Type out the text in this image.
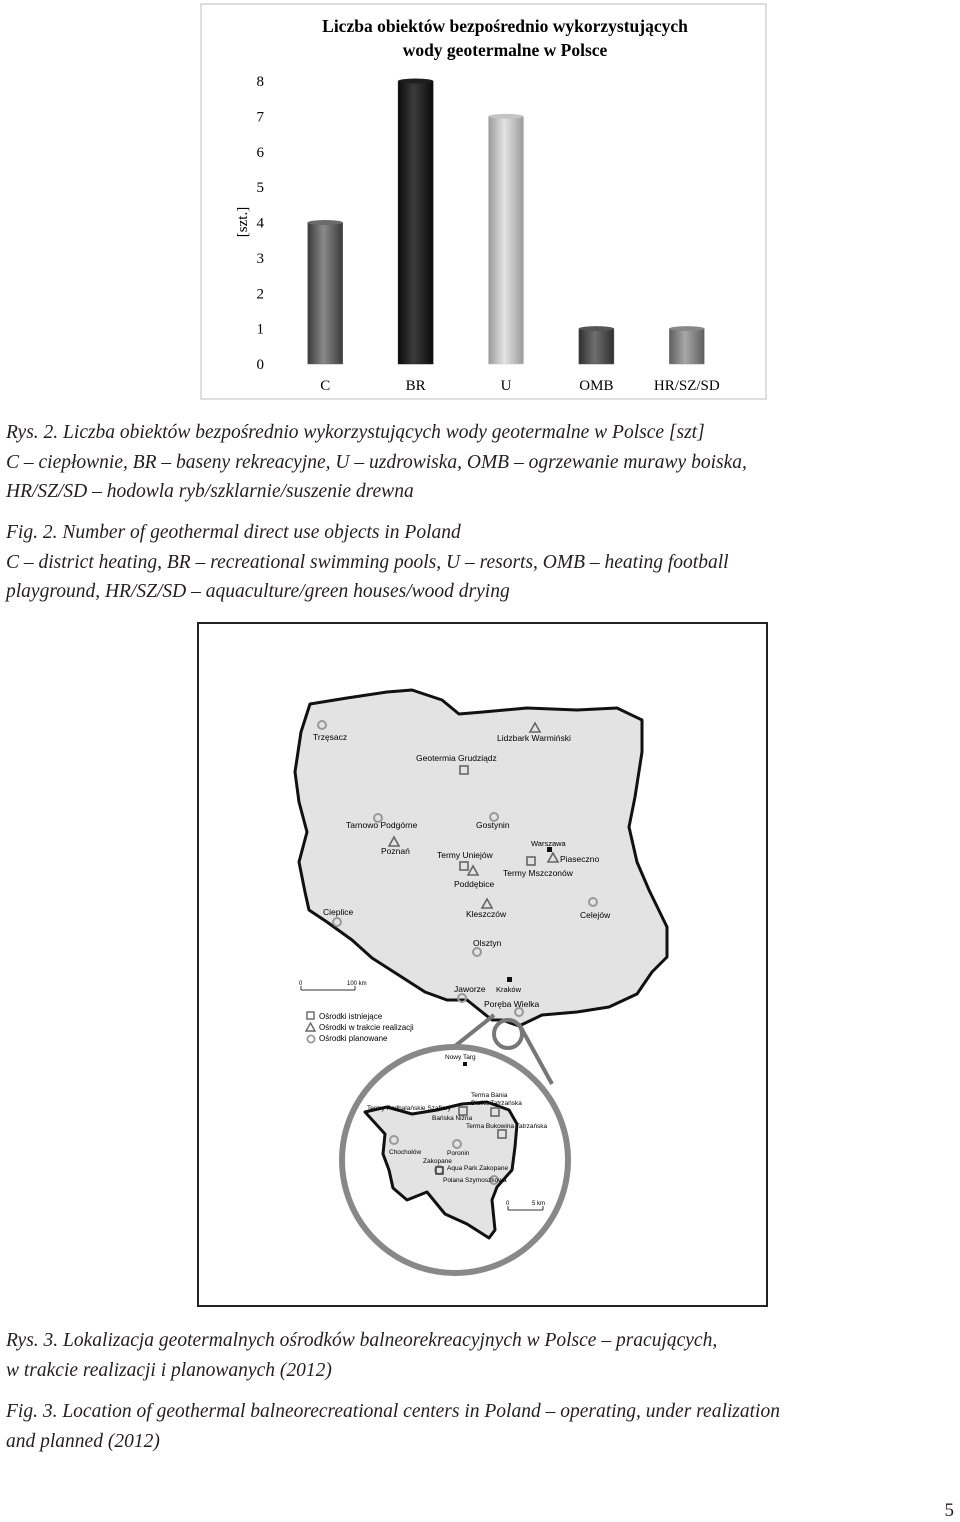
Liczba obiektów bezpośrednio wykorzystujących
wody geotermalne w Polsce
[szt.]
0
1
2
3
4
5
6
7
8
C	BR	U	OMB	HR/SZ/SD
Rys. 2. Liczba obiektów bezpośrednio wykorzystujących wody geotermalne w Polsce [szt]
C – ciepłownie, BR – baseny rekreacyjne, U – uzdrowiska, OMB – ogrzewanie murawy boiska,
HR/SZ/SD – hodowla ryb/szklarnie/suszenie drewna
Fig. 2. Number of geothermal direct use objects in Poland
C – district heating, BR – recreational swimming pools, U – resorts, OMB – heating football
playground, HR/SZ/SD – aquaculture/green houses/wood drying
Trzęsacz	Lidzbark Warmiński
Geotermia Grudziądz
Tarnowo Podgórne
Poznań
Gostynin
Termy Uniejów
Poddębice
Warszawa
Piaseczno
Termy Mszczonów
Cieplice	Kleszczów	Celejów
Olsztyn
Jaworze Kraków
Poręba Wielka
0	100 km
Ośrodki istniejące
Ośrodki w trakcie realizacji
Ośrodki planowane
Nowy Targ
Terma Bania
Białka Tatrzańska
Termy Podhalańskie Szaflary
Bańska Niżna
Terma Bukowina Tatrzańska
Chochołów	Poronin
Zakopane
Aqua Park Zakopane
Polana Szymoszkowa
0	5 km
Rys. 3. Lokalizacja geotermalnych ośrodków balneorekreacyjnych w Polsce – pracujących,
w trakcie realizacji i planowanych (2012)
Fig. 3. Location of geothermal balneorecreational centers in Poland – operating, under realization
and planned (2012)
5
